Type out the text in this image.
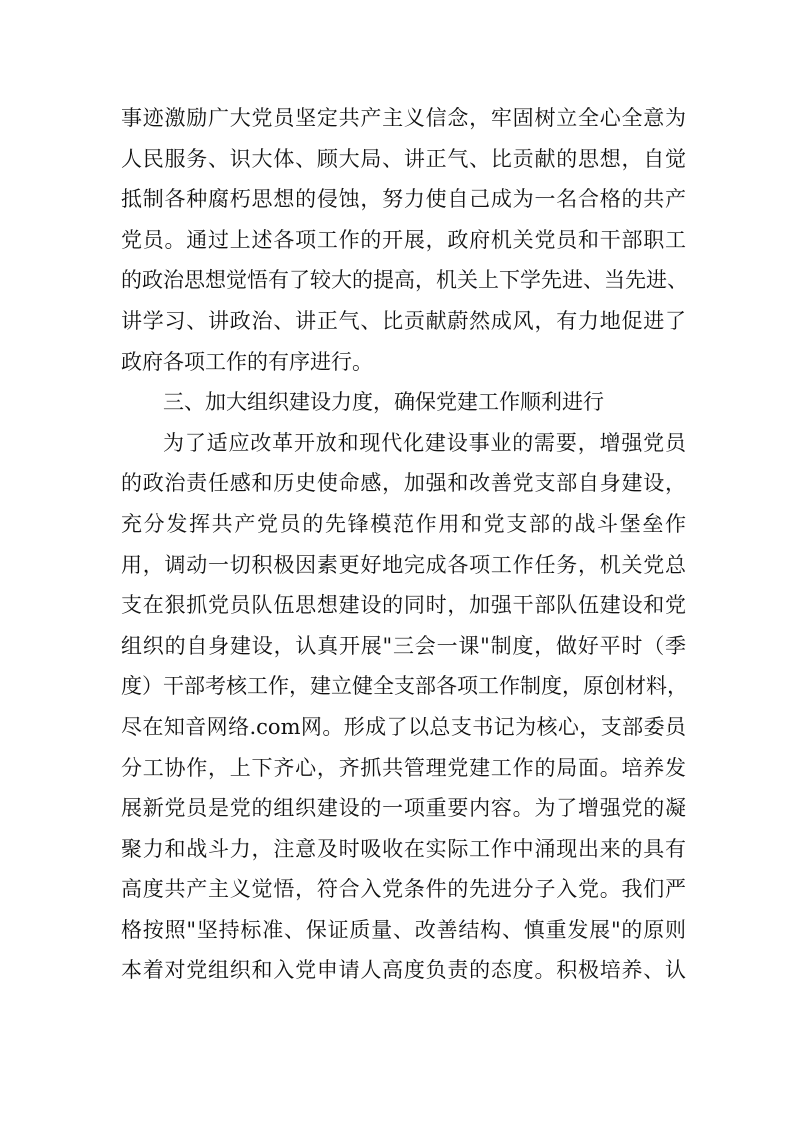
事迹激励广大党员坚定共产主义信念，牢固树立全心全意为
人民服务、识大体、顾大局、讲正气、比贡献的思想，自觉
抵制各种腐朽思想的侵蚀，努力使自己成为一名合格的共产
党员。通过上述各项工作的开展，政府机关党员和干部职工
的政治思想觉悟有了较大的提高，机关上下学先进、当先进、
讲学习、讲政治、讲正气、比贡献蔚然成风，有力地促进了
政府各项工作的有序进行。
三、加大组织建设力度，确保党建工作顺利进行
为了适应改革开放和现代化建设事业的需要，增强党员
的政治责任感和历史使命感，加强和改善党支部自身建设，
充分发挥共产党员的先锋模范作用和党支部的战斗堡垒作
用，调动一切积极因素更好地完成各项工作任务，机关党总
支在狠抓党员队伍思想建设的同时，加强干部队伍建设和党
组织的自身建设，认真开展"三会一课"制度，做好平时（季
度）干部考核工作，建立健全支部各项工作制度，原创材料，
尽在知音网络.com网。形成了以总支书记为核心，支部委员
分工协作，上下齐心，齐抓共管理党建工作的局面。培养发
展新党员是党的组织建设的一项重要内容。为了增强党的凝
聚力和战斗力，注意及时吸收在实际工作中涌现出来的具有
高度共产主义觉悟，符合入党条件的先进分子入党。我们严
格按照"坚持标准、保证质量、改善结构、慎重发展"的原则
本着对党组织和入党申请人高度负责的态度。积极培养、认
